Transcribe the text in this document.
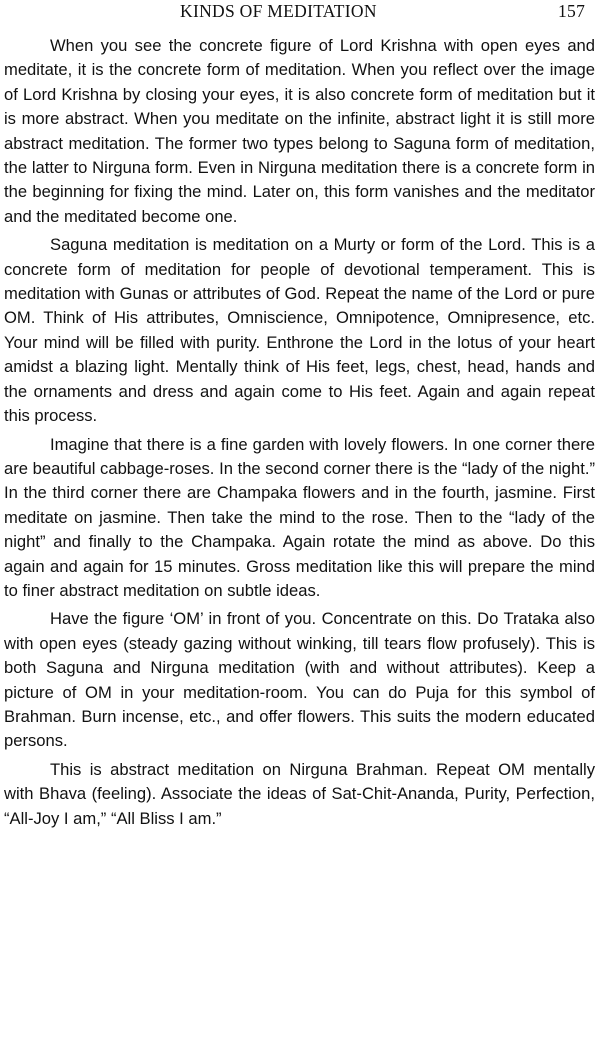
KINDS OF MEDITATION	157

When you see the concrete figure of Lord Krishna with open eyes and meditate, it is the concrete form of meditation. When you reflect over the image of Lord Krishna by closing your eyes, it is also concrete form of meditation but it is more abstract. When you meditate on the infinite, abstract light it is still more abstract meditation. The former two types belong to Saguna form of meditation, the latter to Nirguna form. Even in Nirguna meditation there is a concrete form in the beginning for fixing the mind. Later on, this form vanishes and the meditator and the meditated become one.

Saguna meditation is meditation on a Murty or form of the Lord. This is a concrete form of meditation for people of devotional temperament. This is meditation with Gunas or attributes of God. Repeat the name of the Lord or pure OM. Think of His attributes, Omniscience, Omnipotence, Omnipresence, etc. Your mind will be filled with purity. Enthrone the Lord in the lotus of your heart amidst a blazing light. Mentally think of His feet, legs, chest, head, hands and the ornaments and dress and again come to His feet. Again and again repeat this process.

Imagine that there is a fine garden with lovely flowers. In one corner there are beautiful cabbage-roses. In the second corner there is the “lady of the night.” In the third corner there are Champaka flowers and in the fourth, jasmine. First meditate on jasmine. Then take the mind to the rose. Then to the “lady of the night” and finally to the Champaka. Again rotate the mind as above. Do this again and again for 15 minutes. Gross meditation like this will prepare the mind to finer abstract meditation on subtle ideas.

Have the figure ‘OM’ in front of you. Concentrate on this. Do Trataka also with open eyes (steady gazing without winking, till tears flow profusely). This is both Saguna and Nirguna meditation (with and without attributes). Keep a picture of OM in your meditation-room. You can do Puja for this symbol of Brahman. Burn incense, etc., and offer flowers. This suits the modern educated persons.

This is abstract meditation on Nirguna Brahman. Repeat OM mentally with Bhava (feeling). Associate the ideas of Sat-Chit-Ananda, Purity, Perfection, “All-Joy I am,” “All Bliss I am.”
